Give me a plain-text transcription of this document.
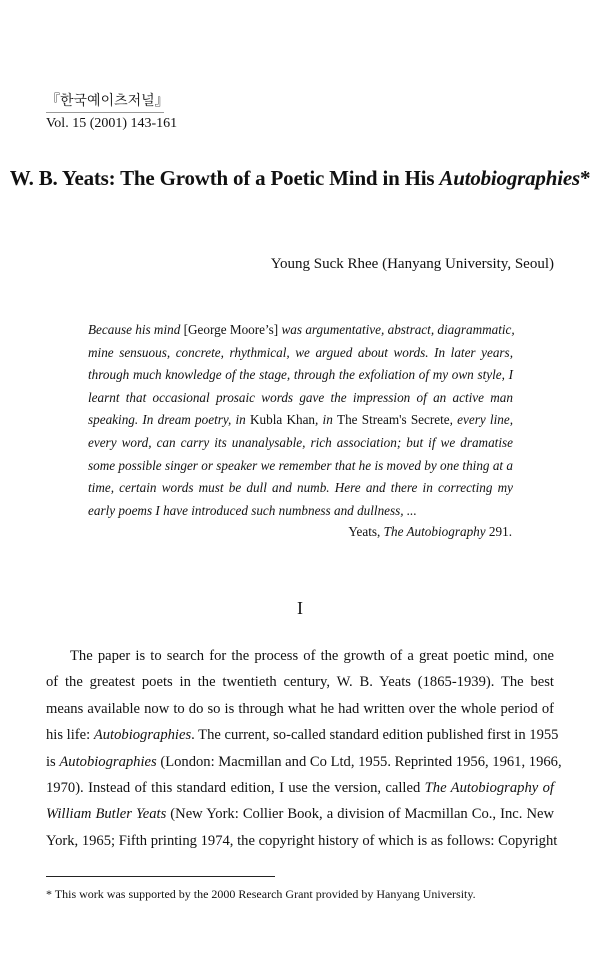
『한국예이츠저널』
Vol. 15 (2001) 143-161
W. B. Yeats: The Growth of a Poetic Mind in His Autobiographies*
Young Suck Rhee (Hanyang University, Seoul)
Because his mind [George Moore’s] was argumentative, abstract, diagrammatic,
mine sensuous, concrete, rhythmical, we argued about words. In later years,
through much knowledge of the stage, through the exfoliation of my own style, I
learnt that occasional prosaic words gave the impression of an active man
speaking. In dream poetry, in Kubla Khan, in The Stream's Secrete, every line,
every word, can carry its unanalysable, rich association; but if we dramatise
some possible singer or speaker we remember that he is moved by one thing at a
time, certain words must be dull and numb. Here and there in correcting my
early poems I have introduced such numbness and dullness, ...
Yeats, The Autobiography 291.
I
The paper is to search for the process of the growth of a great poetic mind, one
of the greatest poets in the twentieth century, W. B. Yeats (1865-1939). The best
means available now to do so is through what he had written over the whole period of
his life: Autobiographies. The current, so-called standard edition published first in 1955
is Autobiographies (London: Macmillan and Co Ltd, 1955. Reprinted 1956, 1961, 1966,
1970). Instead of this standard edition, I use the version, called The Autobiography of
William Butler Yeats (New York: Collier Book, a division of Macmillan Co., Inc. New
York, 1965; Fifth printing 1974, the copyright history of which is as follows: Copyright
* This work was supported by the 2000 Research Grant provided by Hanyang University.
